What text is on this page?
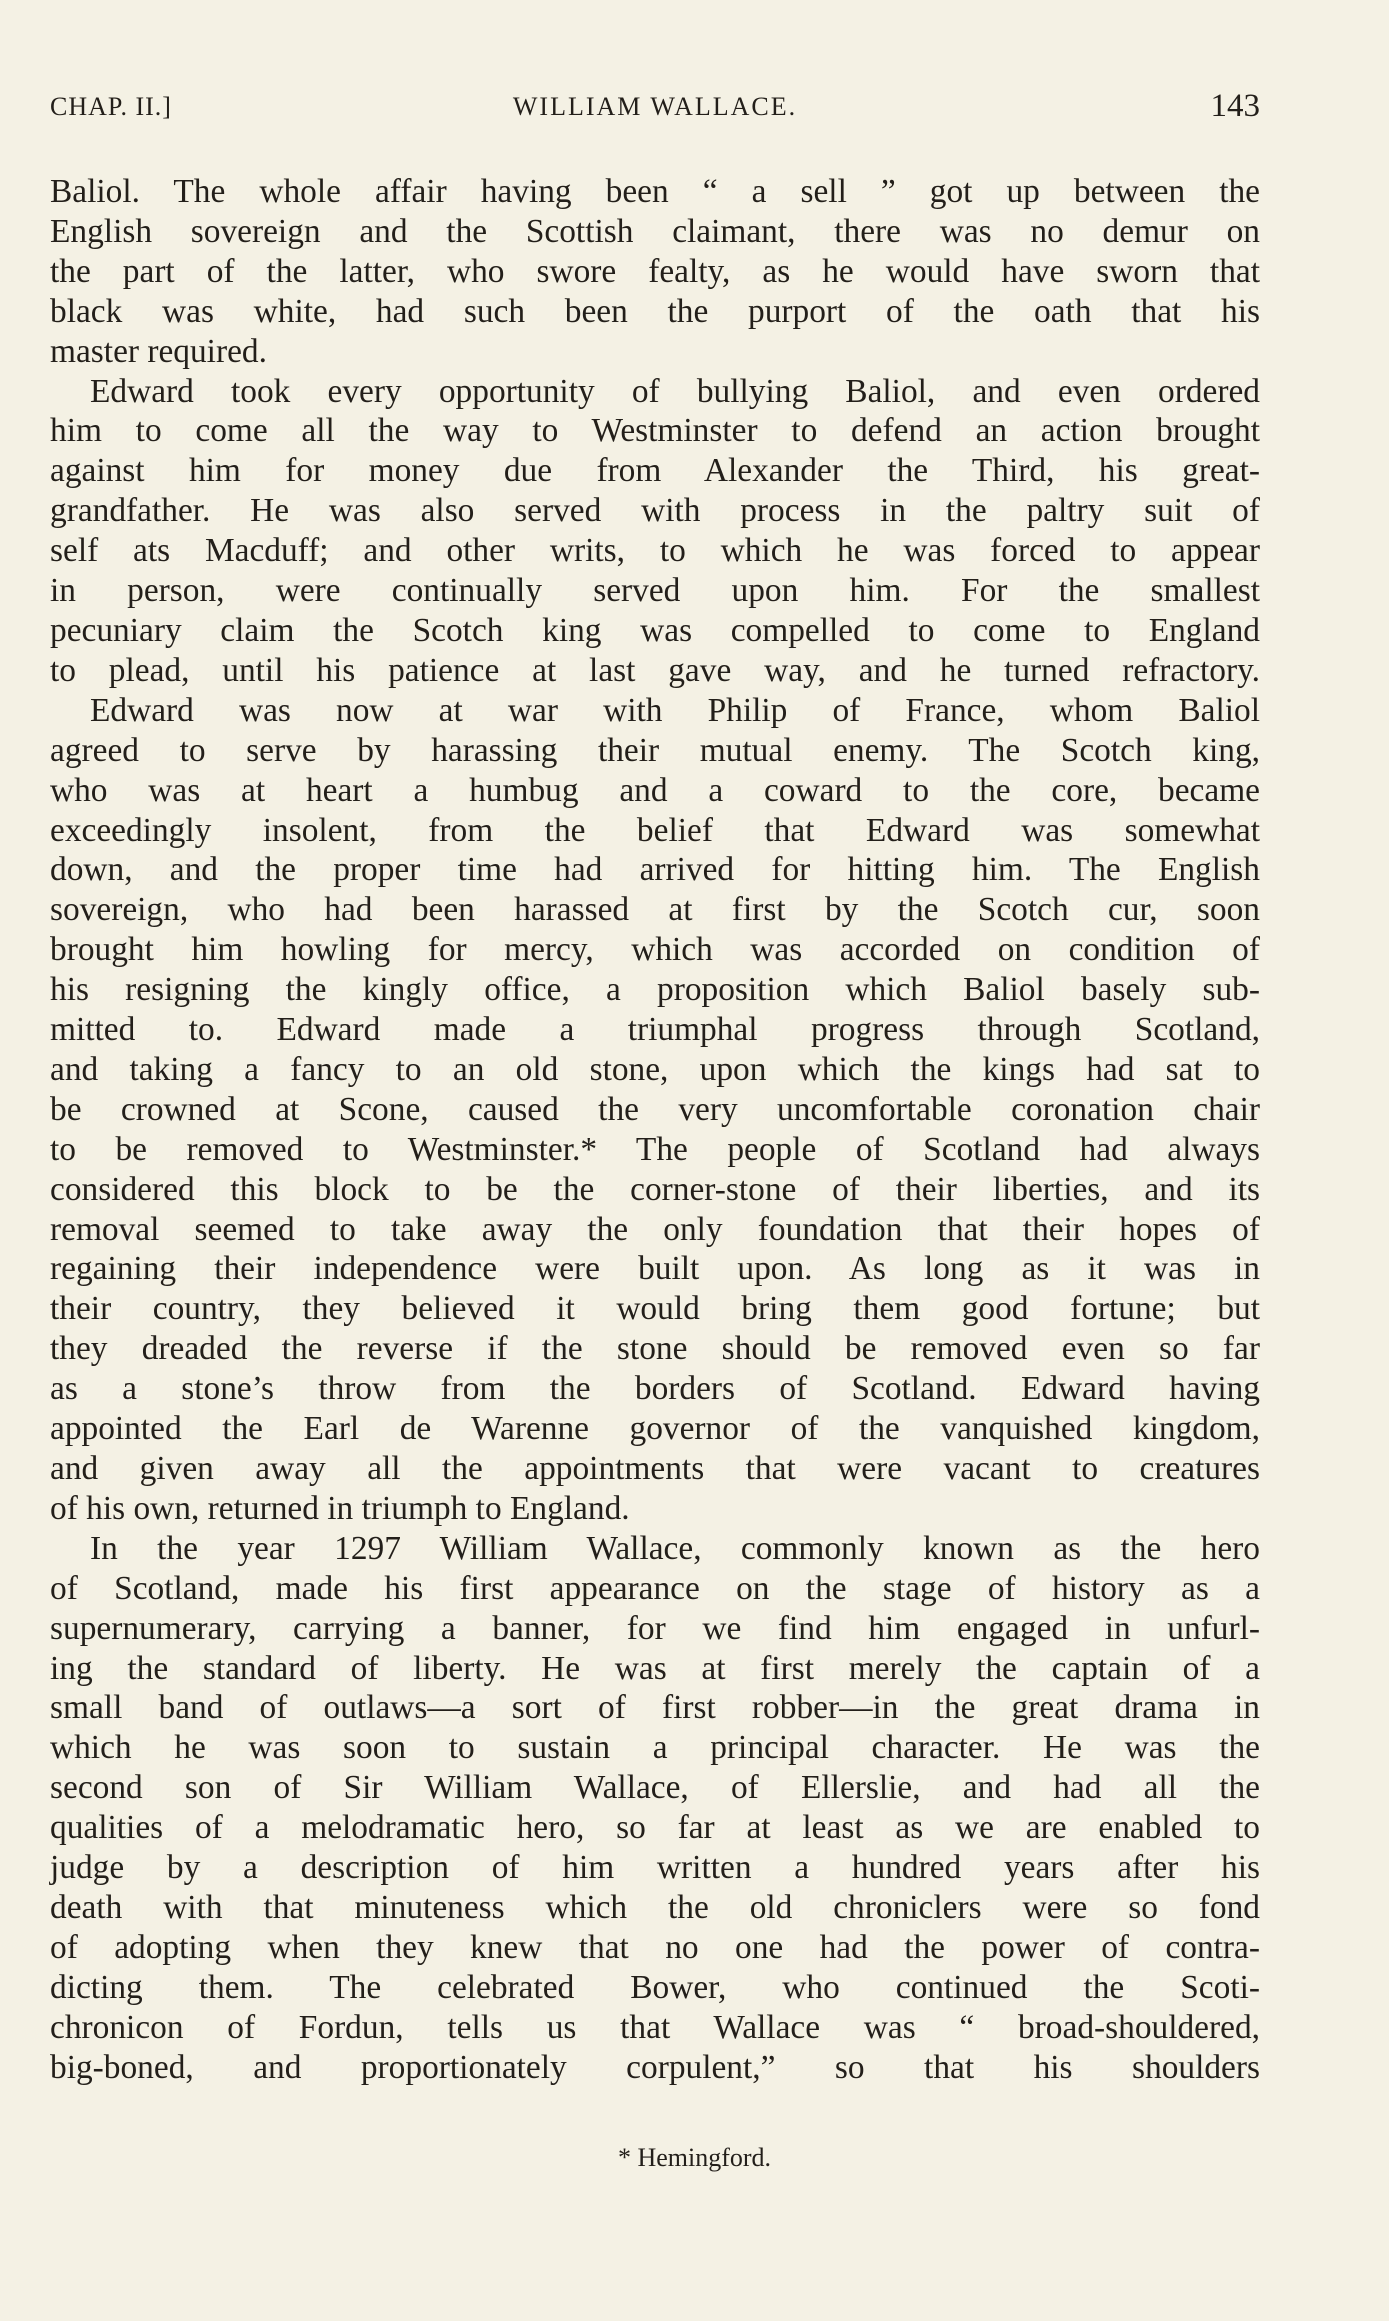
CHAP. II.]	WILLIAM WALLACE.	143
Baliol. The whole affair having been “ a sell ” got up between the
English sovereign and the Scottish claimant, there was no demur on
the part of the latter, who swore fealty, as he would have sworn that
black was white, had such been the purport of the oath that his
master required.
Edward took every opportunity of bullying Baliol, and even ordered
him to come all the way to Westminster to defend an action brought
against him for money due from Alexander the Third, his great-
grandfather. He was also served with process in the paltry suit of
self ats Macduff; and other writs, to which he was forced to appear
in person, were continually served upon him. For the smallest
pecuniary claim the Scotch king was compelled to come to England
to plead, until his patience at last gave way, and he turned refractory.
Edward was now at war with Philip of France, whom Baliol
agreed to serve by harassing their mutual enemy. The Scotch king,
who was at heart a humbug and a coward to the core, became
exceedingly insolent, from the belief that Edward was somewhat
down, and the proper time had arrived for hitting him. The English
sovereign, who had been harassed at first by the Scotch cur, soon
brought him howling for mercy, which was accorded on condition of
his resigning the kingly office, a proposition which Baliol basely sub-
mitted to. Edward made a triumphal progress through Scotland,
and taking a fancy to an old stone, upon which the kings had sat to
be crowned at Scone, caused the very uncomfortable coronation chair
to be removed to Westminster.* The people of Scotland had always
considered this block to be the corner-stone of their liberties, and its
removal seemed to take away the only foundation that their hopes of
regaining their independence were built upon. As long as it was in
their country, they believed it would bring them good fortune; but
they dreaded the reverse if the stone should be removed even so far
as a stone’s throw from the borders of Scotland. Edward having
appointed the Earl de Warenne governor of the vanquished kingdom,
and given away all the appointments that were vacant to creatures
of his own, returned in triumph to England.
In the year 1297 William Wallace, commonly known as the hero
of Scotland, made his first appearance on the stage of history as a
supernumerary, carrying a banner, for we find him engaged in unfurl-
ing the standard of liberty. He was at first merely the captain of a
small band of outlaws—a sort of first robber—in the great drama in
which he was soon to sustain a principal character. He was the
second son of Sir William Wallace, of Ellerslie, and had all the
qualities of a melodramatic hero, so far at least as we are enabled to
judge by a description of him written a hundred years after his
death with that minuteness which the old chroniclers were so fond
of adopting when they knew that no one had the power of contra-
dicting them. The celebrated Bower, who continued the Scoti-
chronicon of Fordun, tells us that Wallace was “ broad-shouldered,
big-boned, and proportionately corpulent,” so that his shoulders
* Hemingford.
